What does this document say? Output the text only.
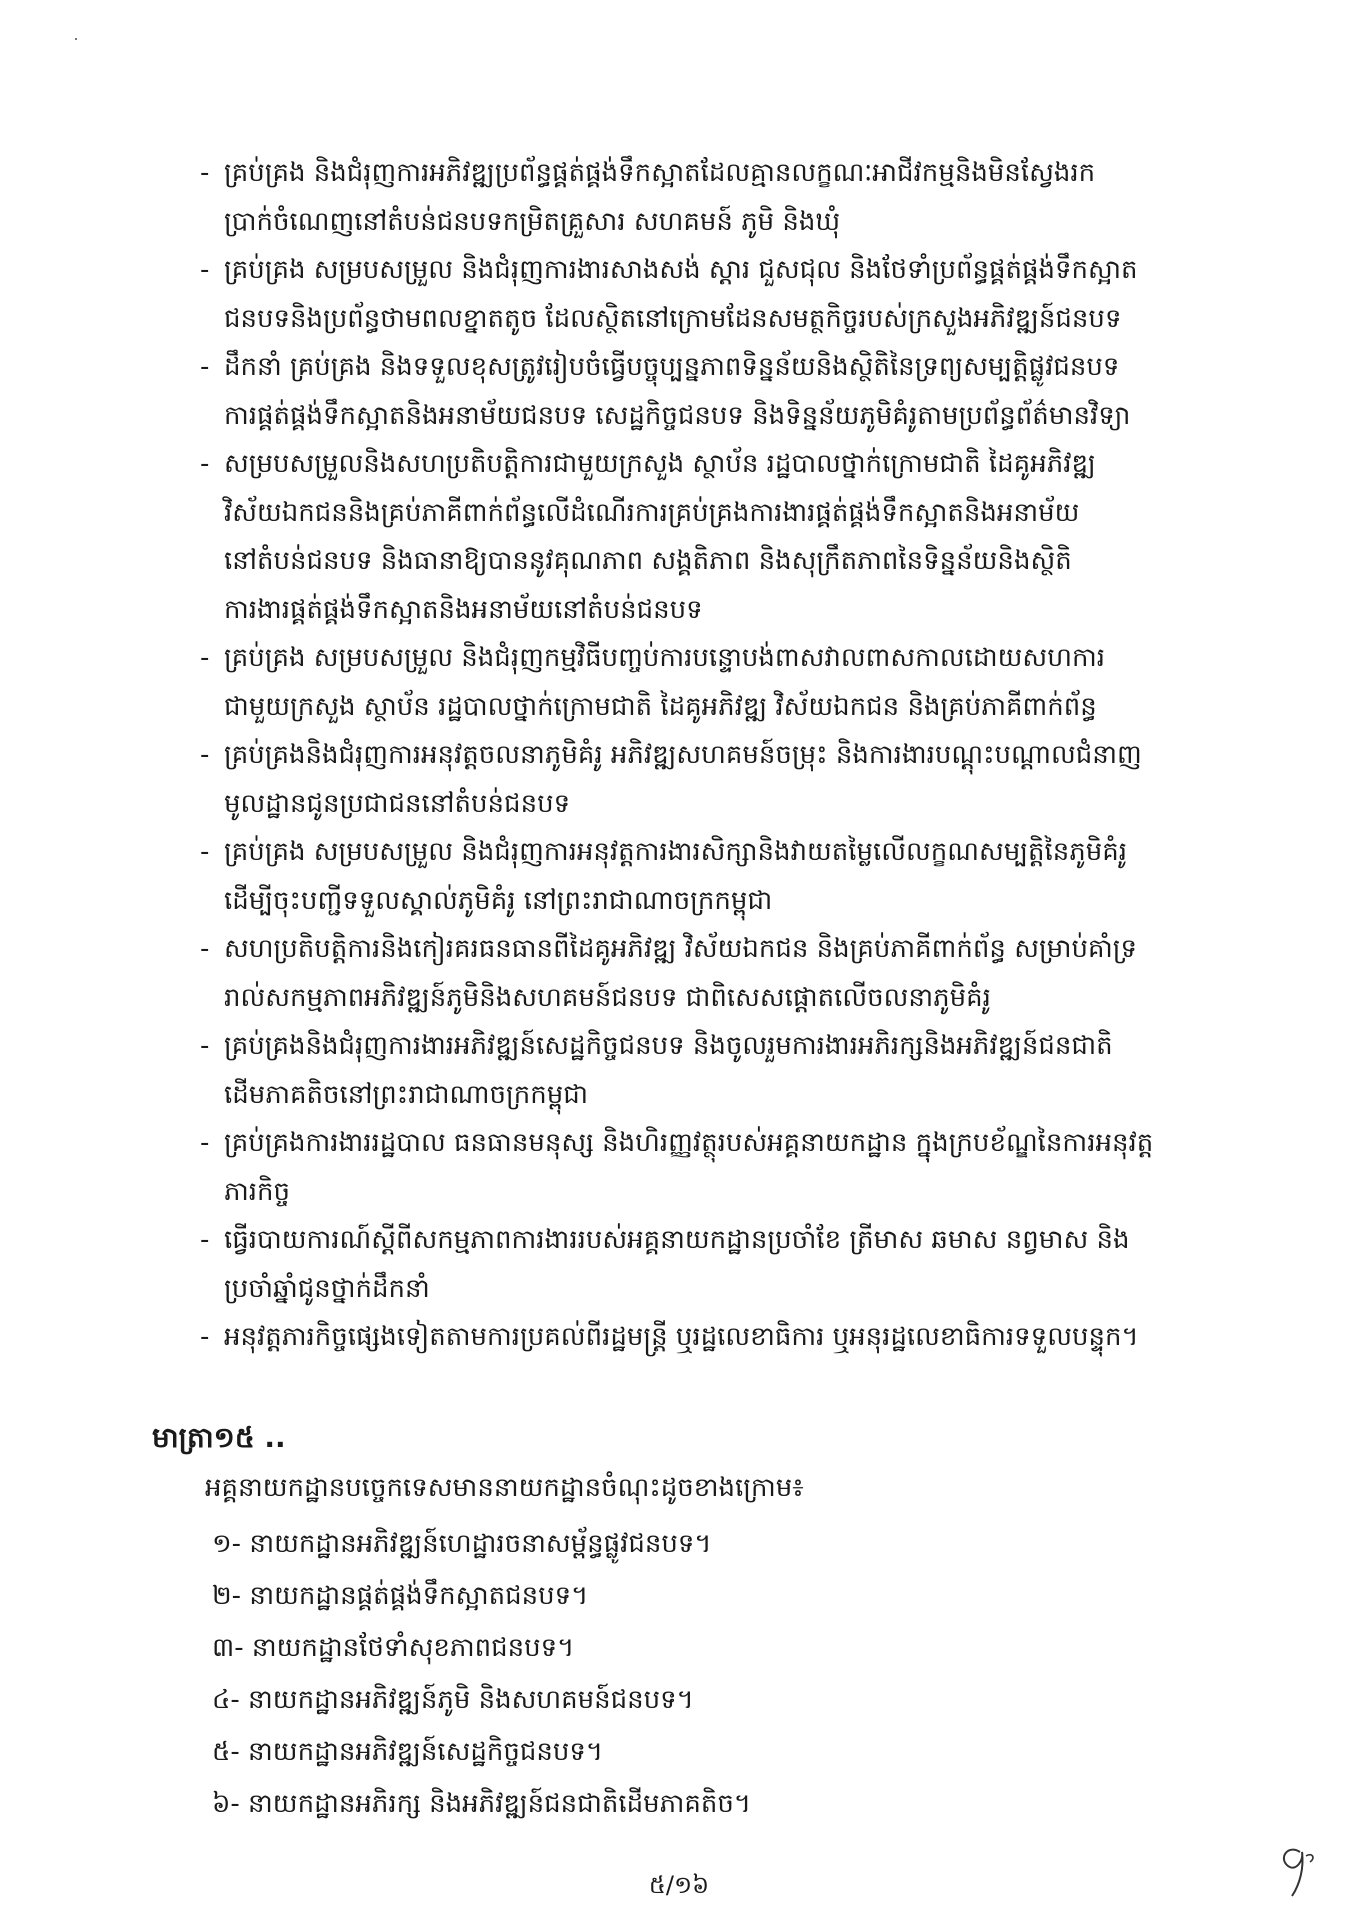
- គ្រប់គ្រង និងជំរុញការអភិវឌ្ឍប្រព័ន្ធផ្គត់ផ្គង់ទឹកស្អាតដែលគ្មានលក្ខណៈអាជីវកម្មនិងមិនស្វែងរក
ប្រាក់ចំណេញនៅតំបន់ជនបទកម្រិតគ្រួសារ សហគមន៍ ភូមិ និងឃុំ
- គ្រប់គ្រង សម្របសម្រួល និងជំរុញការងារសាងសង់ ស្តារ ជួសជុល និងថែទាំប្រព័ន្ធផ្គត់ផ្គង់ទឹកស្អាត
ជនបទនិងប្រព័ន្ធថាមពលខ្នាតតូច ដែលស្ថិតនៅក្រោមដែនសមត្ថកិច្ចរបស់ក្រសួងអភិវឌ្ឍន៍ជនបទ
- ដឹកនាំ គ្រប់គ្រង និងទទួលខុសត្រូវរៀបចំធ្វើបច្ចុប្បន្នភាពទិន្នន័យនិងស្ថិតិនៃទ្រព្យសម្បត្តិផ្លូវជនបទ
ការផ្គត់ផ្គង់ទឹកស្អាតនិងអនាម័យជនបទ សេដ្ឋកិច្ចជនបទ និងទិន្នន័យភូមិគំរូតាមប្រព័ន្ធព័ត៌មានវិទ្យា
- សម្របសម្រួលនិងសហប្រតិបត្តិការជាមួយក្រសួង ស្ថាប័ន រដ្ឋបាលថ្នាក់ក្រោមជាតិ ដៃគូអភិវឌ្ឍ
វិស័យឯកជននិងគ្រប់ភាគីពាក់ព័ន្ធលើដំណើរការគ្រប់គ្រងការងារផ្គត់ផ្គង់ទឹកស្អាតនិងអនាម័យ
នៅតំបន់ជនបទ និងធានាឱ្យបាននូវគុណភាព សង្គតិភាព និងសុក្រឹតភាពនៃទិន្នន័យនិងស្ថិតិ
ការងារផ្គត់ផ្គង់ទឹកស្អាតនិងអនាម័យនៅតំបន់ជនបទ
- គ្រប់គ្រង សម្របសម្រួល និងជំរុញកម្មវិធីបញ្ចប់ការបន្ទោបង់ពាសវាលពាសកាលដោយសហការ
ជាមួយក្រសួង ស្ថាប័ន រដ្ឋបាលថ្នាក់ក្រោមជាតិ ដៃគូអភិវឌ្ឍ វិស័យឯកជន និងគ្រប់ភាគីពាក់ព័ន្ធ
- គ្រប់គ្រងនិងជំរុញការអនុវត្តចលនាភូមិគំរូ អភិវឌ្ឍសហគមន៍ចម្រុះ និងការងារបណ្តុះបណ្តាលជំនាញ
មូលដ្ឋានជូនប្រជាជននៅតំបន់ជនបទ
- គ្រប់គ្រង សម្របសម្រួល និងជំរុញការអនុវត្តការងារសិក្សានិងវាយតម្លៃលើលក្ខណសម្បត្តិនៃភូមិគំរូ
ដើម្បីចុះបញ្ជីទទួលស្គាល់ភូមិគំរូ នៅព្រះរាជាណាចក្រកម្ពុជា
- សហប្រតិបត្តិការនិងកៀរគរធនធានពីដៃគូអភិវឌ្ឍ វិស័យឯកជន និងគ្រប់ភាគីពាក់ព័ន្ធ សម្រាប់គាំទ្រ
រាល់សកម្មភាពអភិវឌ្ឍន៍ភូមិនិងសហគមន៍ជនបទ ជាពិសេសផ្តោតលើចលនាភូមិគំរូ
- គ្រប់គ្រងនិងជំរុញការងារអភិវឌ្ឍន៍សេដ្ឋកិច្ចជនបទ និងចូលរួមការងារអភិរក្សនិងអភិវឌ្ឍន៍ជនជាតិ
ដើមភាគតិចនៅព្រះរាជាណាចក្រកម្ពុជា
- គ្រប់គ្រងការងាររដ្ឋបាល ធនធានមនុស្ស និងហិរញ្ញវត្ថុរបស់អគ្គនាយកដ្ឋាន ក្នុងក្របខ័ណ្ឌនៃការអនុវត្ត
ភារកិច្ច
- ធ្វើរបាយការណ៍ស្តីពីសកម្មភាពការងាររបស់អគ្គនាយកដ្ឋានប្រចាំខែ ត្រីមាស ឆមាស នព្វមាស និង
ប្រចាំឆ្នាំជូនថ្នាក់ដឹកនាំ
- អនុវត្តភារកិច្ចផ្សេងទៀតតាមការប្រគល់ពីរដ្ឋមន្ត្រី ឬរដ្ឋលេខាធិការ ឬអនុរដ្ឋលេខាធិការទទួលបន្ទុក។
មាត្រា១៥ ..
អគ្គនាយកដ្ឋានបច្ចេកទេសមាននាយកដ្ឋានចំណុះដូចខាងក្រោម៖
១- នាយកដ្ឋានអភិវឌ្ឍន៍ហេដ្ឋារចនាសម្ព័ន្ធផ្លូវជនបទ។
២- នាយកដ្ឋានផ្គត់ផ្គង់ទឹកស្អាតជនបទ។
៣- នាយកដ្ឋានថែទាំសុខភាពជនបទ។
៤- នាយកដ្ឋានអភិវឌ្ឍន៍ភូមិ និងសហគមន៍ជនបទ។
៥- នាយកដ្ឋានអភិវឌ្ឍន៍សេដ្ឋកិច្ចជនបទ។
៦- នាយកដ្ឋានអភិរក្ស និងអភិវឌ្ឍន៍ជនជាតិដើមភាគតិច។
៥/១៦
